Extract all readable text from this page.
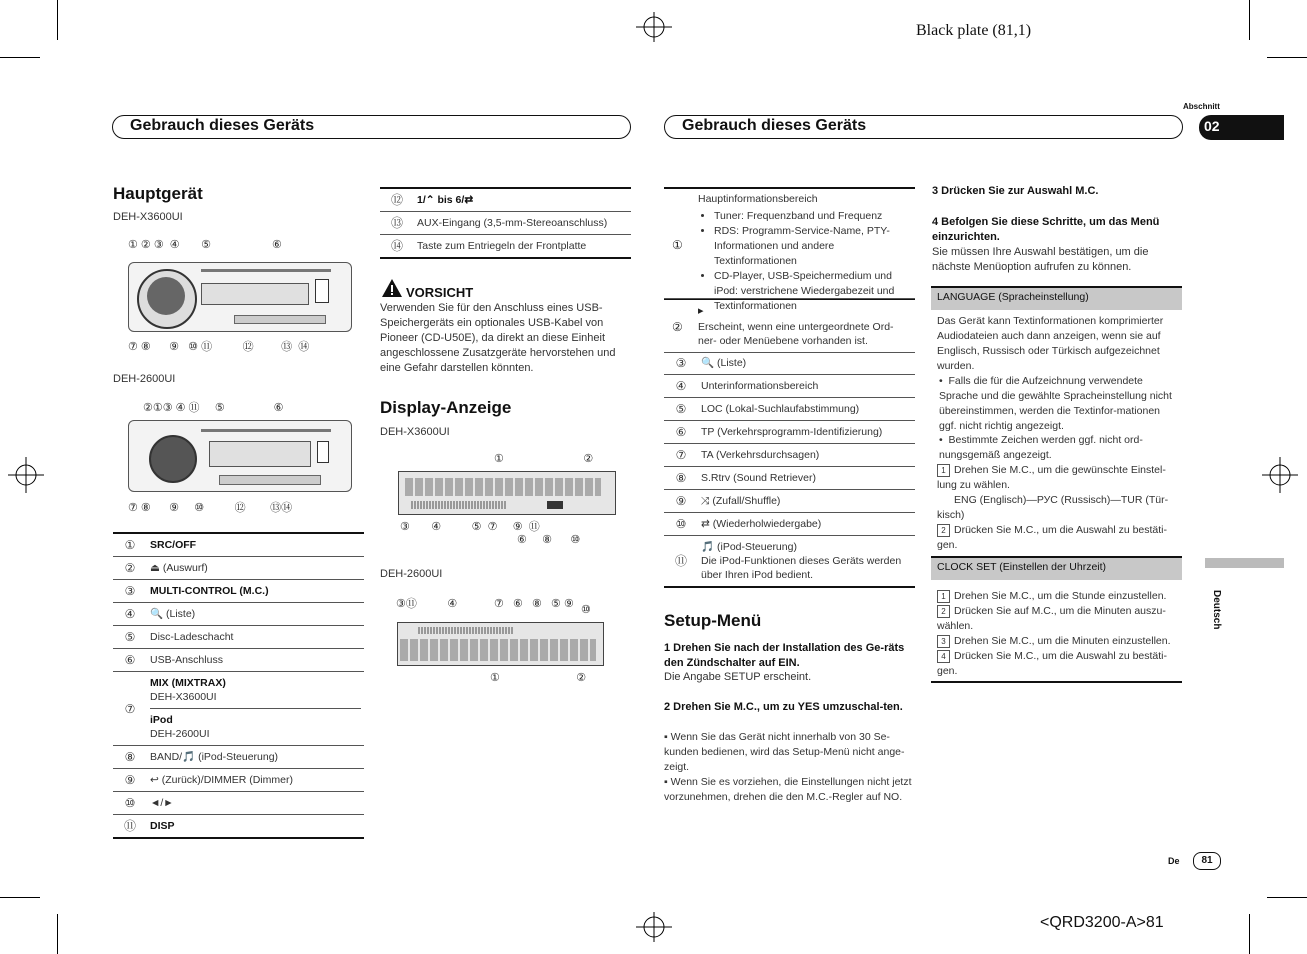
Black plate (81,1)
Abschnitt
02
Gebrauch dieses Geräts	Gebrauch dieses Geräts
Deutsch
Hauptgerät
DEH-X3600UI
① ② ③  ④       ⑤                    ⑥
⑦ ⑧      ⑨   ⑩ ⑪          ⑫         ⑬  ⑭
DEH-2600UI
②①③ ④ ⑪     ⑤                ⑥
⑦ ⑧      ⑨     ⑩          ⑫        ⑬⑭
①	SRC/OFF
②	⏏ (Auswurf)
③	MULTI-CONTROL (M.C.)
④	🔍 (Liste)
⑤	Disc-Ladeschacht
⑥	USB-Anschluss
⑦	MIX (MIXTRAX)
DEH-X3600UI
iPod
DEH-2600UI

⑧	BAND/🎵 (iPod-Steuerung)
⑨	↩ (Zurück)/DIMMER (Dimmer)
⑩	◄/►
⑪	DISP
⑫	1/⌃ bis 6/⇄
⑬	AUX-Eingang (3,5-mm-Stereoanschluss)
⑭	Taste zum Entriegeln der Frontplatte
VORSICHT
Verwenden Sie für den Anschluss eines USB-Speichergeräts ein optionales USB-Kabel von Pioneer (CD-U50E), da direkt an diese Einheit angeschlossene Zusatzgeräte hervorstehen und eine Gefahr darstellen könnten.
Display-Anzeige
DEH-X3600UI
①                          ②
③       ④          ⑤  ⑦     ⑨  ⑪
⑥     ⑧      ⑩
DEH-2600UI
③⑪          ④            ⑦   ⑥   ⑧   ⑤ ⑨ ⑩
①                         ②
①
Hauptinformationsbereich
• Tuner: Frequenzband und Frequenz
• RDS: Programm-Service-Name, PTY-Informationen und andere Textinformationen
• CD-Player, USB-Speichermedium und iPod: verstrichene Wiedergabezeit und Textinformationen
②
▸
Erscheint, wenn eine untergeordnete Ord-ner- oder Menüebene vorhanden ist.
③	🔍 (Liste)
④	Unterinformationsbereich
⑤	LOC (Lokal-Suchlaufabstimmung)
⑥	TP (Verkehrsprogramm-Identifizierung)
⑦	TA (Verkehrsdurchsagen)
⑧	S.Rtrv (Sound Retriever)
⑨	⤨ (Zufall/Shuffle)
⑩	⇄ (Wiederholwiedergabe)
⑪	🎵 (iPod-Steuerung)
Die iPod-Funktionen dieses Geräts werden über Ihren iPod bedient.
Setup-Menü
1 Drehen Sie nach der Installation des Ge-räts den Zündschalter auf EIN.
Die Angabe SETUP erscheint.
2 Drehen Sie M.C., um zu YES umzuschal-ten.
▪ Wenn Sie das Gerät nicht innerhalb von 30 Se-kunden bedienen, wird das Setup-Menü nicht ange-zeigt.
▪ Wenn Sie es vorziehen, die Einstellungen nicht jetzt vorzunehmen, drehen die den M.C.-Regler auf NO.
3 Drücken Sie zur Auswahl M.C.
4 Befolgen Sie diese Schritte, um das Menü einzurichten.
Sie müssen Ihre Auswahl bestätigen, um die nächste Menüoption aufrufen zu können.
LANGUAGE (Spracheinstellung)
Das Gerät kann Textinformationen komprimierter Audiodateien auch dann anzeigen, wenn sie auf Englisch, Russisch oder Türkisch aufgezeichnet wurden.
•  Falls die für die Aufzeichnung verwendete Sprache und die gewählte Spracheinstellung nicht übereinstimmen, werden die Textinfor-mationen ggf. nicht richtig angezeigt.
•  Bestimmte Zeichen werden ggf. nicht ord-nungsgemäß angezeigt.
1 Drehen Sie M.C., um die gewünschte Einstel-lung zu wählen.
ENG (Englisch)—РУС (Russisch)—TUR (Tür-kisch)
2 Drücken Sie M.C., um die Auswahl zu bestäti-gen.
CLOCK SET (Einstellen der Uhrzeit)
1 Drehen Sie M.C., um die Stunde einzustellen.
2 Drücken Sie auf M.C., um die Minuten auszu-wählen.
3 Drehen Sie M.C., um die Minuten einzustellen.
4 Drücken Sie M.C., um die Auswahl zu bestäti-gen.
De	81
<QRD3200-A>81
